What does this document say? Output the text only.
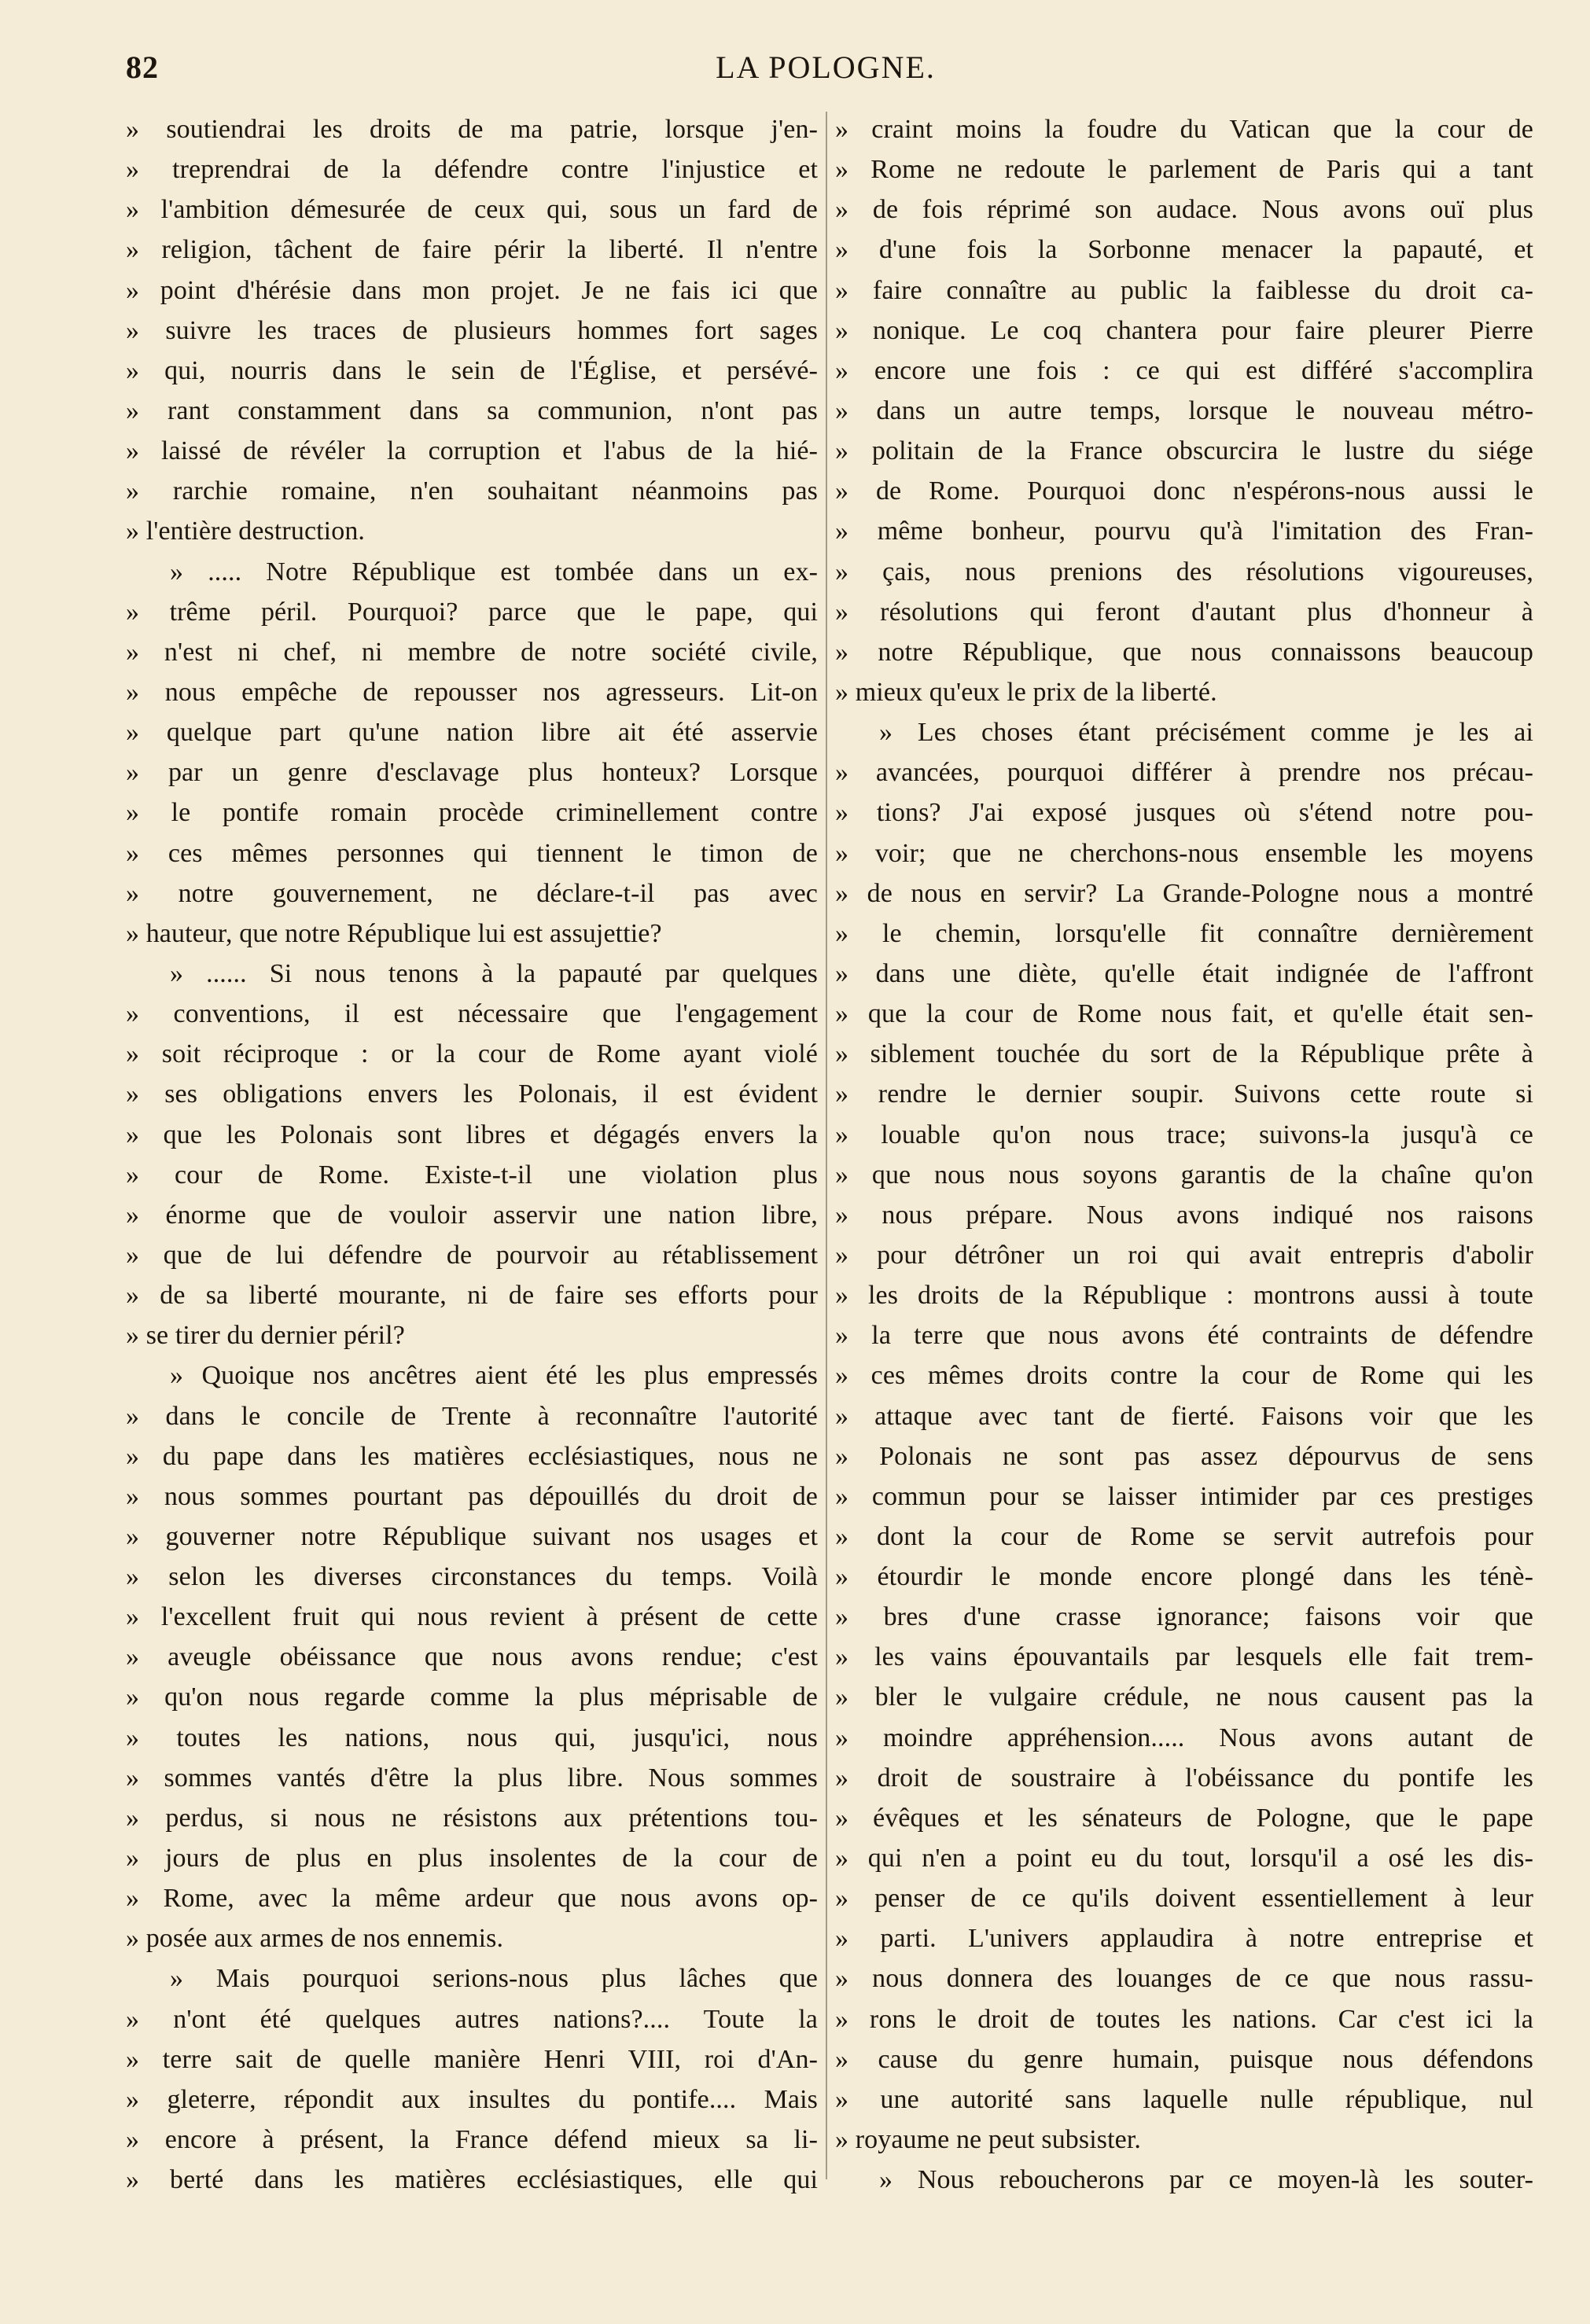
82	LA POLOGNE.
» soutiendrai les droits de ma patrie, lorsque j'en-
» treprendrai de la défendre contre l'injustice et
» l'ambition démesurée de ceux qui, sous un fard de
» religion, tâchent de faire périr la liberté. Il n'entre
» point d'hérésie dans mon projet. Je ne fais ici que
» suivre les traces de plusieurs hommes fort sages
» qui, nourris dans le sein de l'Église, et persévé-
» rant constamment dans sa communion, n'ont pas
» laissé de révéler la corruption et l'abus de la hié-
» rarchie romaine, n'en souhaitant néanmoins pas
» l'entière destruction.
» ..... Notre République est tombée dans un ex-
» trême péril. Pourquoi? parce que le pape, qui
» n'est ni chef, ni membre de notre société civile,
» nous empêche de repousser nos agresseurs. Lit-on
» quelque part qu'une nation libre ait été asservie
» par un genre d'esclavage plus honteux? Lorsque
» le pontife romain procède criminellement contre
» ces mêmes personnes qui tiennent le timon de
» notre gouvernement, ne déclare-t-il pas avec
» hauteur, que notre République lui est assujettie?
» ...... Si nous tenons à la papauté par quelques
» conventions, il est nécessaire que l'engagement
» soit réciproque : or la cour de Rome ayant violé
» ses obligations envers les Polonais, il est évident
» que les Polonais sont libres et dégagés envers la
» cour de Rome. Existe-t-il une violation plus
» énorme que de vouloir asservir une nation libre,
» que de lui défendre de pourvoir au rétablissement
» de sa liberté mourante, ni de faire ses efforts pour
» se tirer du dernier péril?
» Quoique nos ancêtres aient été les plus empressés
» dans le concile de Trente à reconnaître l'autorité
» du pape dans les matières ecclésiastiques, nous ne
» nous sommes pourtant pas dépouillés du droit de
» gouverner notre République suivant nos usages et
» selon les diverses circonstances du temps. Voilà
» l'excellent fruit qui nous revient à présent de cette
» aveugle obéissance que nous avons rendue; c'est
» qu'on nous regarde comme la plus méprisable de
» toutes les nations, nous qui, jusqu'ici, nous
» sommes vantés d'être la plus libre. Nous sommes
» perdus, si nous ne résistons aux prétentions tou-
» jours de plus en plus insolentes de la cour de
» Rome, avec la même ardeur que nous avons op-
» posée aux armes de nos ennemis.
» Mais pourquoi serions-nous plus lâches que
» n'ont été quelques autres nations?.... Toute la
» terre sait de quelle manière Henri VIII, roi d'An-
» gleterre, répondit aux insultes du pontife.... Mais
» encore à présent, la France défend mieux sa li-
» berté dans les matières ecclésiastiques, elle qui
» craint moins la foudre du Vatican que la cour de
» Rome ne redoute le parlement de Paris qui a tant
» de fois réprimé son audace. Nous avons ouï plus
» d'une fois la Sorbonne menacer la papauté, et
» faire connaître au public la faiblesse du droit ca-
» nonique. Le coq chantera pour faire pleurer Pierre
» encore une fois : ce qui est différé s'accomplira
» dans un autre temps, lorsque le nouveau métro-
» politain de la France obscurcira le lustre du siége
» de Rome. Pourquoi donc n'espérons-nous aussi le
» même bonheur, pourvu qu'à l'imitation des Fran-
» çais, nous prenions des résolutions vigoureuses,
» résolutions qui feront d'autant plus d'honneur à
» notre République, que nous connaissons beaucoup
» mieux qu'eux le prix de la liberté.
» Les choses étant précisément comme je les ai
» avancées, pourquoi différer à prendre nos précau-
» tions? J'ai exposé jusques où s'étend notre pou-
» voir; que ne cherchons-nous ensemble les moyens
» de nous en servir? La Grande-Pologne nous a montré
» le chemin, lorsqu'elle fit connaître dernièrement
» dans une diète, qu'elle était indignée de l'affront
» que la cour de Rome nous fait, et qu'elle était sen-
» siblement touchée du sort de la République prête à
» rendre le dernier soupir. Suivons cette route si
» louable qu'on nous trace; suivons-la jusqu'à ce
» que nous nous soyons garantis de la chaîne qu'on
» nous prépare. Nous avons indiqué nos raisons
» pour détrôner un roi qui avait entrepris d'abolir
» les droits de la République : montrons aussi à toute
» la terre que nous avons été contraints de défendre
» ces mêmes droits contre la cour de Rome qui les
» attaque avec tant de fierté. Faisons voir que les
» Polonais ne sont pas assez dépourvus de sens
» commun pour se laisser intimider par ces prestiges
» dont la cour de Rome se servit autrefois pour
» étourdir le monde encore plongé dans les ténè-
» bres d'une crasse ignorance; faisons voir que
» les vains épouvantails par lesquels elle fait trem-
» bler le vulgaire crédule, ne nous causent pas la
» moindre appréhension..... Nous avons autant de
» droit de soustraire à l'obéissance du pontife les
» évêques et les sénateurs de Pologne, que le pape
» qui n'en a point eu du tout, lorsqu'il a osé les dis-
» penser de ce qu'ils doivent essentiellement à leur
» parti. L'univers applaudira à notre entreprise et
» nous donnera des louanges de ce que nous rassu-
» rons le droit de toutes les nations. Car c'est ici la
» cause du genre humain, puisque nous défendons
» une autorité sans laquelle nulle république, nul
» royaume ne peut subsister.
» Nous reboucherons par ce moyen-là les souter-
